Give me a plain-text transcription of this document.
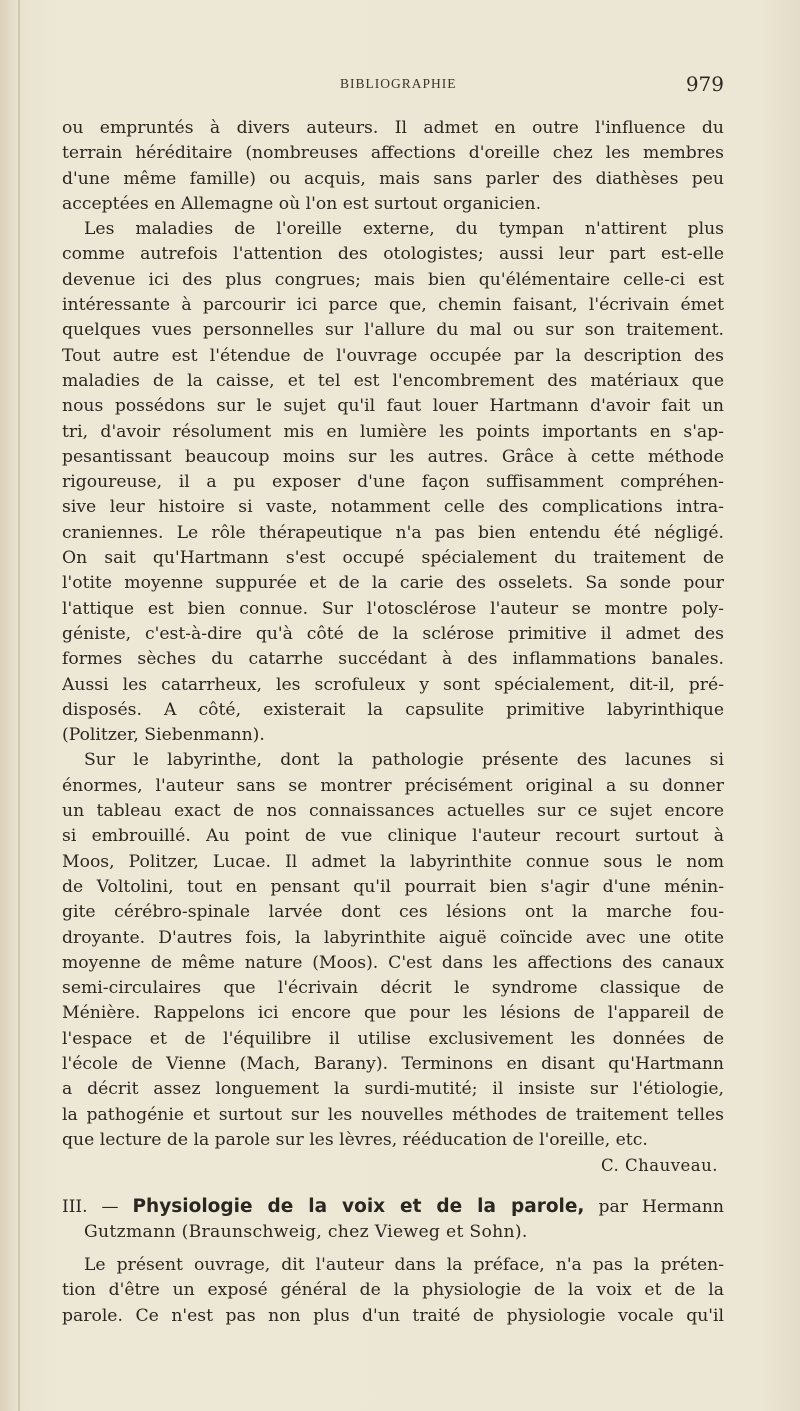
BIBLIOGRAPHIE	979
ou empruntés à divers auteurs. Il admet en outre l'influence du
terrain héréditaire (nombreuses affections d'oreille chez les membres
d'une même famille) ou acquis, mais sans parler des diathèses peu
acceptées en Allemagne où l'on est surtout organicien.
Les maladies de l'oreille externe, du tympan n'attirent plus
comme autrefois l'attention des otologistes; aussi leur part est-elle
devenue ici des plus congrues; mais bien qu'élémentaire celle-ci est
intéressante à parcourir ici parce que, chemin faisant, l'écrivain émet
quelques vues personnelles sur l'allure du mal ou sur son traitement.
Tout autre est l'étendue de l'ouvrage occupée par la description des
maladies de la caisse, et tel est l'encombrement des matériaux que
nous possédons sur le sujet qu'il faut louer Hartmann d'avoir fait un
tri, d'avoir résolument mis en lumière les points importants en s'ap-
pesantissant beaucoup moins sur les autres. Grâce à cette méthode
rigoureuse, il a pu exposer d'une façon suffisamment compréhen-
sive leur histoire si vaste, notamment celle des complications intra-
craniennes. Le rôle thérapeutique n'a pas bien entendu été négligé.
On sait qu'Hartmann s'est occupé spécialement du traitement de
l'otite moyenne suppurée et de la carie des osselets. Sa sonde pour
l'attique est bien connue. Sur l'otosclérose l'auteur se montre poly-
géniste, c'est-à-dire qu'à côté de la sclérose primitive il admet des
formes sèches du catarrhe succédant à des inflammations banales.
Aussi les catarrheux, les scrofuleux y sont spécialement, dit-il, pré-
disposés. A côté, existerait la capsulite primitive labyrinthique
(Politzer, Siebenmann).
Sur le labyrinthe, dont la pathologie présente des lacunes si
énormes, l'auteur sans se montrer précisément original a su donner
un tableau exact de nos connaissances actuelles sur ce sujet encore
si embrouillé. Au point de vue clinique l'auteur recourt surtout à
Moos, Politzer, Lucae. Il admet la labyrinthite connue sous le nom
de Voltolini, tout en pensant qu'il pourrait bien s'agir d'une ménin-
gite cérébro-spinale larvée dont ces lésions ont la marche fou-
droyante. D'autres fois, la labyrinthite aiguë coïncide avec une otite
moyenne de même nature (Moos). C'est dans les affections des canaux
semi-circulaires que l'écrivain décrit le syndrome classique de
Ménière. Rappelons ici encore que pour les lésions de l'appareil de
l'espace et de l'équilibre il utilise exclusivement les données de
l'école de Vienne (Mach, Barany). Terminons en disant qu'Hartmann
a décrit assez longuement la surdi-mutité; il insiste sur l'étiologie,
la pathogénie et surtout sur les nouvelles méthodes de traitement telles
que lecture de la parole sur les lèvres, rééducation de l'oreille, etc.
C. Chauveau.
III. — Physiologie de la voix et de la parole, par Hermann
Gutzmann (Braunschweig, chez Vieweg et Sohn).
Le présent ouvrage, dit l'auteur dans la préface, n'a pas la préten-
tion d'être un exposé général de la physiologie de la voix et de la
parole. Ce n'est pas non plus d'un traité de physiologie vocale qu'il
